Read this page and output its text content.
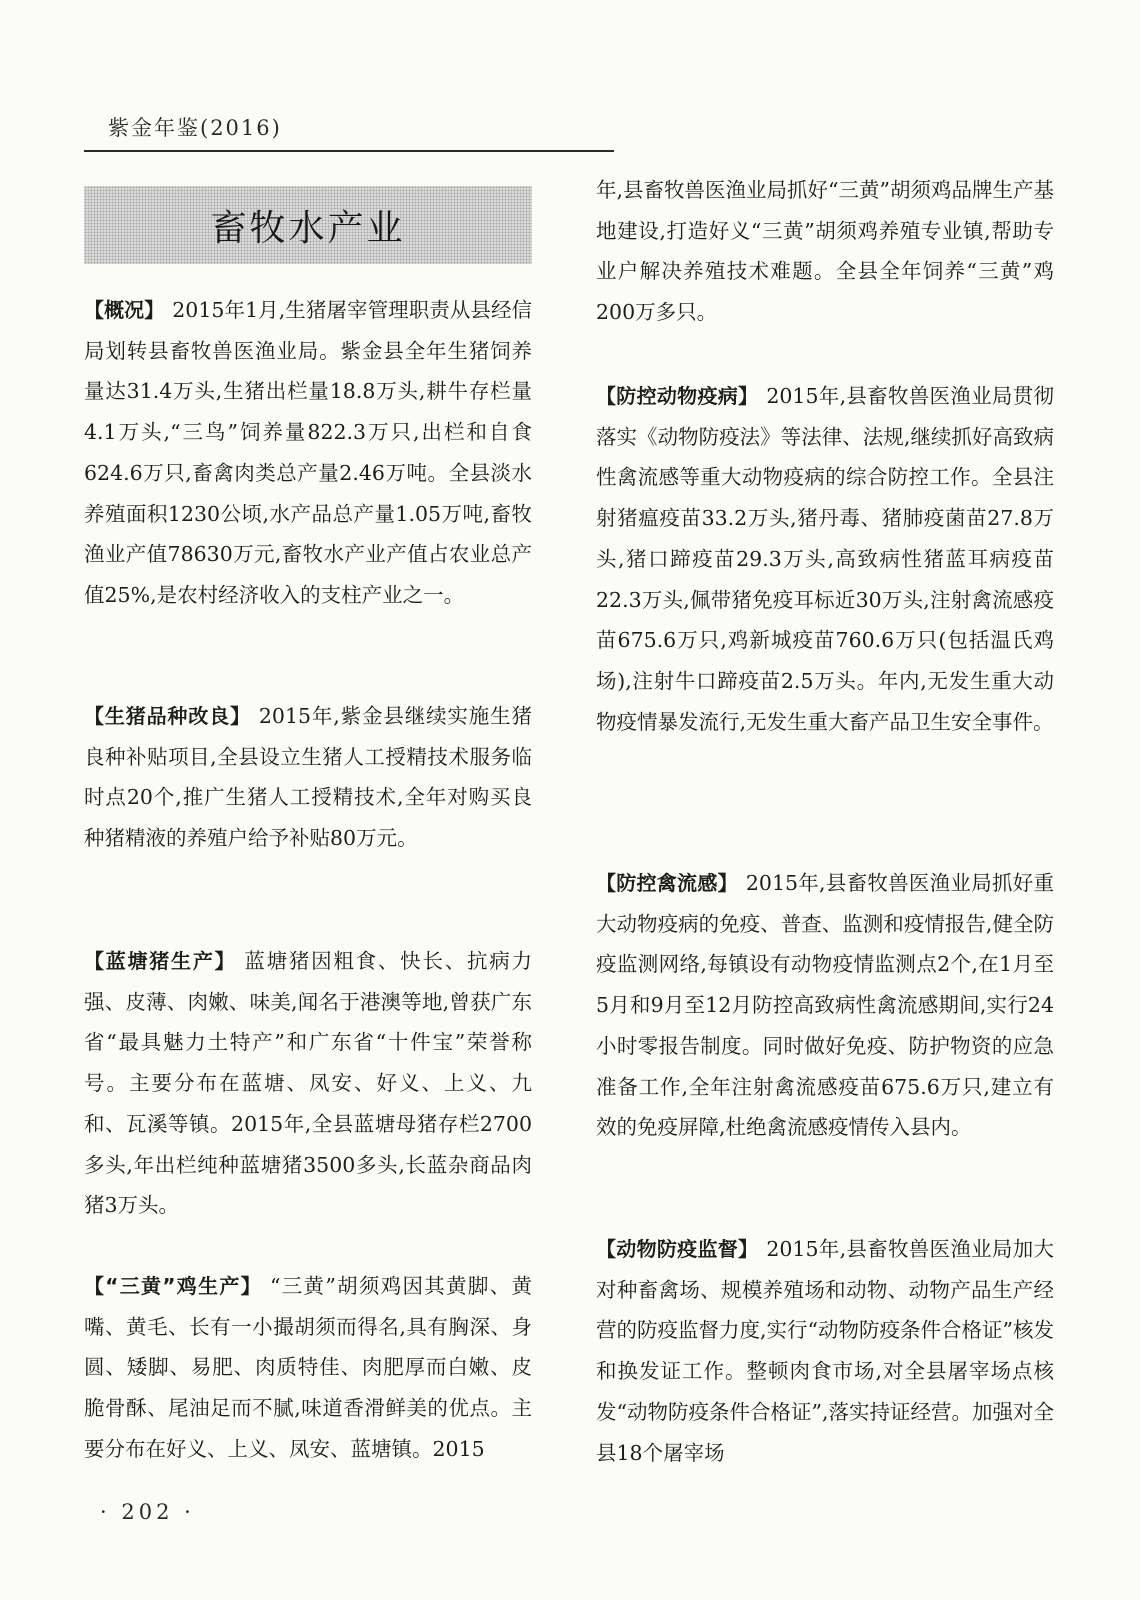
紫金年鉴(2016)
畜牧水产业

【概况】 2015年1月,生猪屠宰管理职责从县经信局划转县畜牧兽医渔业局。紫金县全年生猪饲养量达31.4万头,生猪出栏量18.8万头,耕牛存栏量4.1万头,“三鸟”饲养量822.3万只,出栏和自食624.6万只,畜禽肉类总产量2.46万吨。全县淡水养殖面积1230公顷,水产品总产量1.05万吨,畜牧渔业产值78630万元,畜牧水产业产值占农业总产值25%,是农村经济收入的支柱产业之一。

【生猪品种改良】 2015年,紫金县继续实施生猪良种补贴项目,全县设立生猪人工授精技术服务临时点20个,推广生猪人工授精技术,全年对购买良种猪精液的养殖户给予补贴80万元。

【蓝塘猪生产】 蓝塘猪因粗食、快长、抗病力强、皮薄、肉嫩、味美,闻名于港澳等地,曾获广东省“最具魅力土特产”和广东省“十件宝”荣誉称号。主要分布在蓝塘、凤安、好义、上义、九和、瓦溪等镇。2015年,全县蓝塘母猪存栏2700多头,年出栏纯种蓝塘猪3500多头,长蓝杂商品肉猪3万头。

【“三黄”鸡生产】 “三黄”胡须鸡因其黄脚、黄嘴、黄毛、长有一小撮胡须而得名,具有胸深、身圆、矮脚、易肥、肉质特佳、肉肥厚而白嫩、皮脆骨酥、尾油足而不腻,味道香滑鲜美的优点。主要分布在好义、上义、凤安、蓝塘镇。2015

年,县畜牧兽医渔业局抓好“三黄”胡须鸡品牌生产基地建设,打造好义“三黄”胡须鸡养殖专业镇,帮助专业户解决养殖技术难题。全县全年饲养“三黄”鸡200万多只。

【防控动物疫病】 2015年,县畜牧兽医渔业局贯彻落实《动物防疫法》等法律、法规,继续抓好高致病性禽流感等重大动物疫病的综合防控工作。全县注射猪瘟疫苗33.2万头,猪丹毒、猪肺疫菌苗27.8万头,猪口蹄疫苗29.3万头,高致病性猪蓝耳病疫苗22.3万头,佩带猪免疫耳标近30万头,注射禽流感疫苗675.6万只,鸡新城疫苗760.6万只(包括温氏鸡场),注射牛口蹄疫苗2.5万头。年内,无发生重大动物疫情暴发流行,无发生重大畜产品卫生安全事件。

【防控禽流感】 2015年,县畜牧兽医渔业局抓好重大动物疫病的免疫、普查、监测和疫情报告,健全防疫监测网络,每镇设有动物疫情监测点2个,在1月至5月和9月至12月防控高致病性禽流感期间,实行24小时零报告制度。同时做好免疫、防护物资的应急准备工作,全年注射禽流感疫苗675.6万只,建立有效的免疫屏障,杜绝禽流感疫情传入县内。

【动物防疫监督】 2015年,县畜牧兽医渔业局加大对种畜禽场、规模养殖场和动物、动物产品生产经营的防疫监督力度,实行“动物防疫条件合格证”核发和换发证工作。整顿肉食市场,对全县屠宰场点核发“动物防疫条件合格证”,落实持证经营。加强对全县18个屠宰场

· 202 ·
